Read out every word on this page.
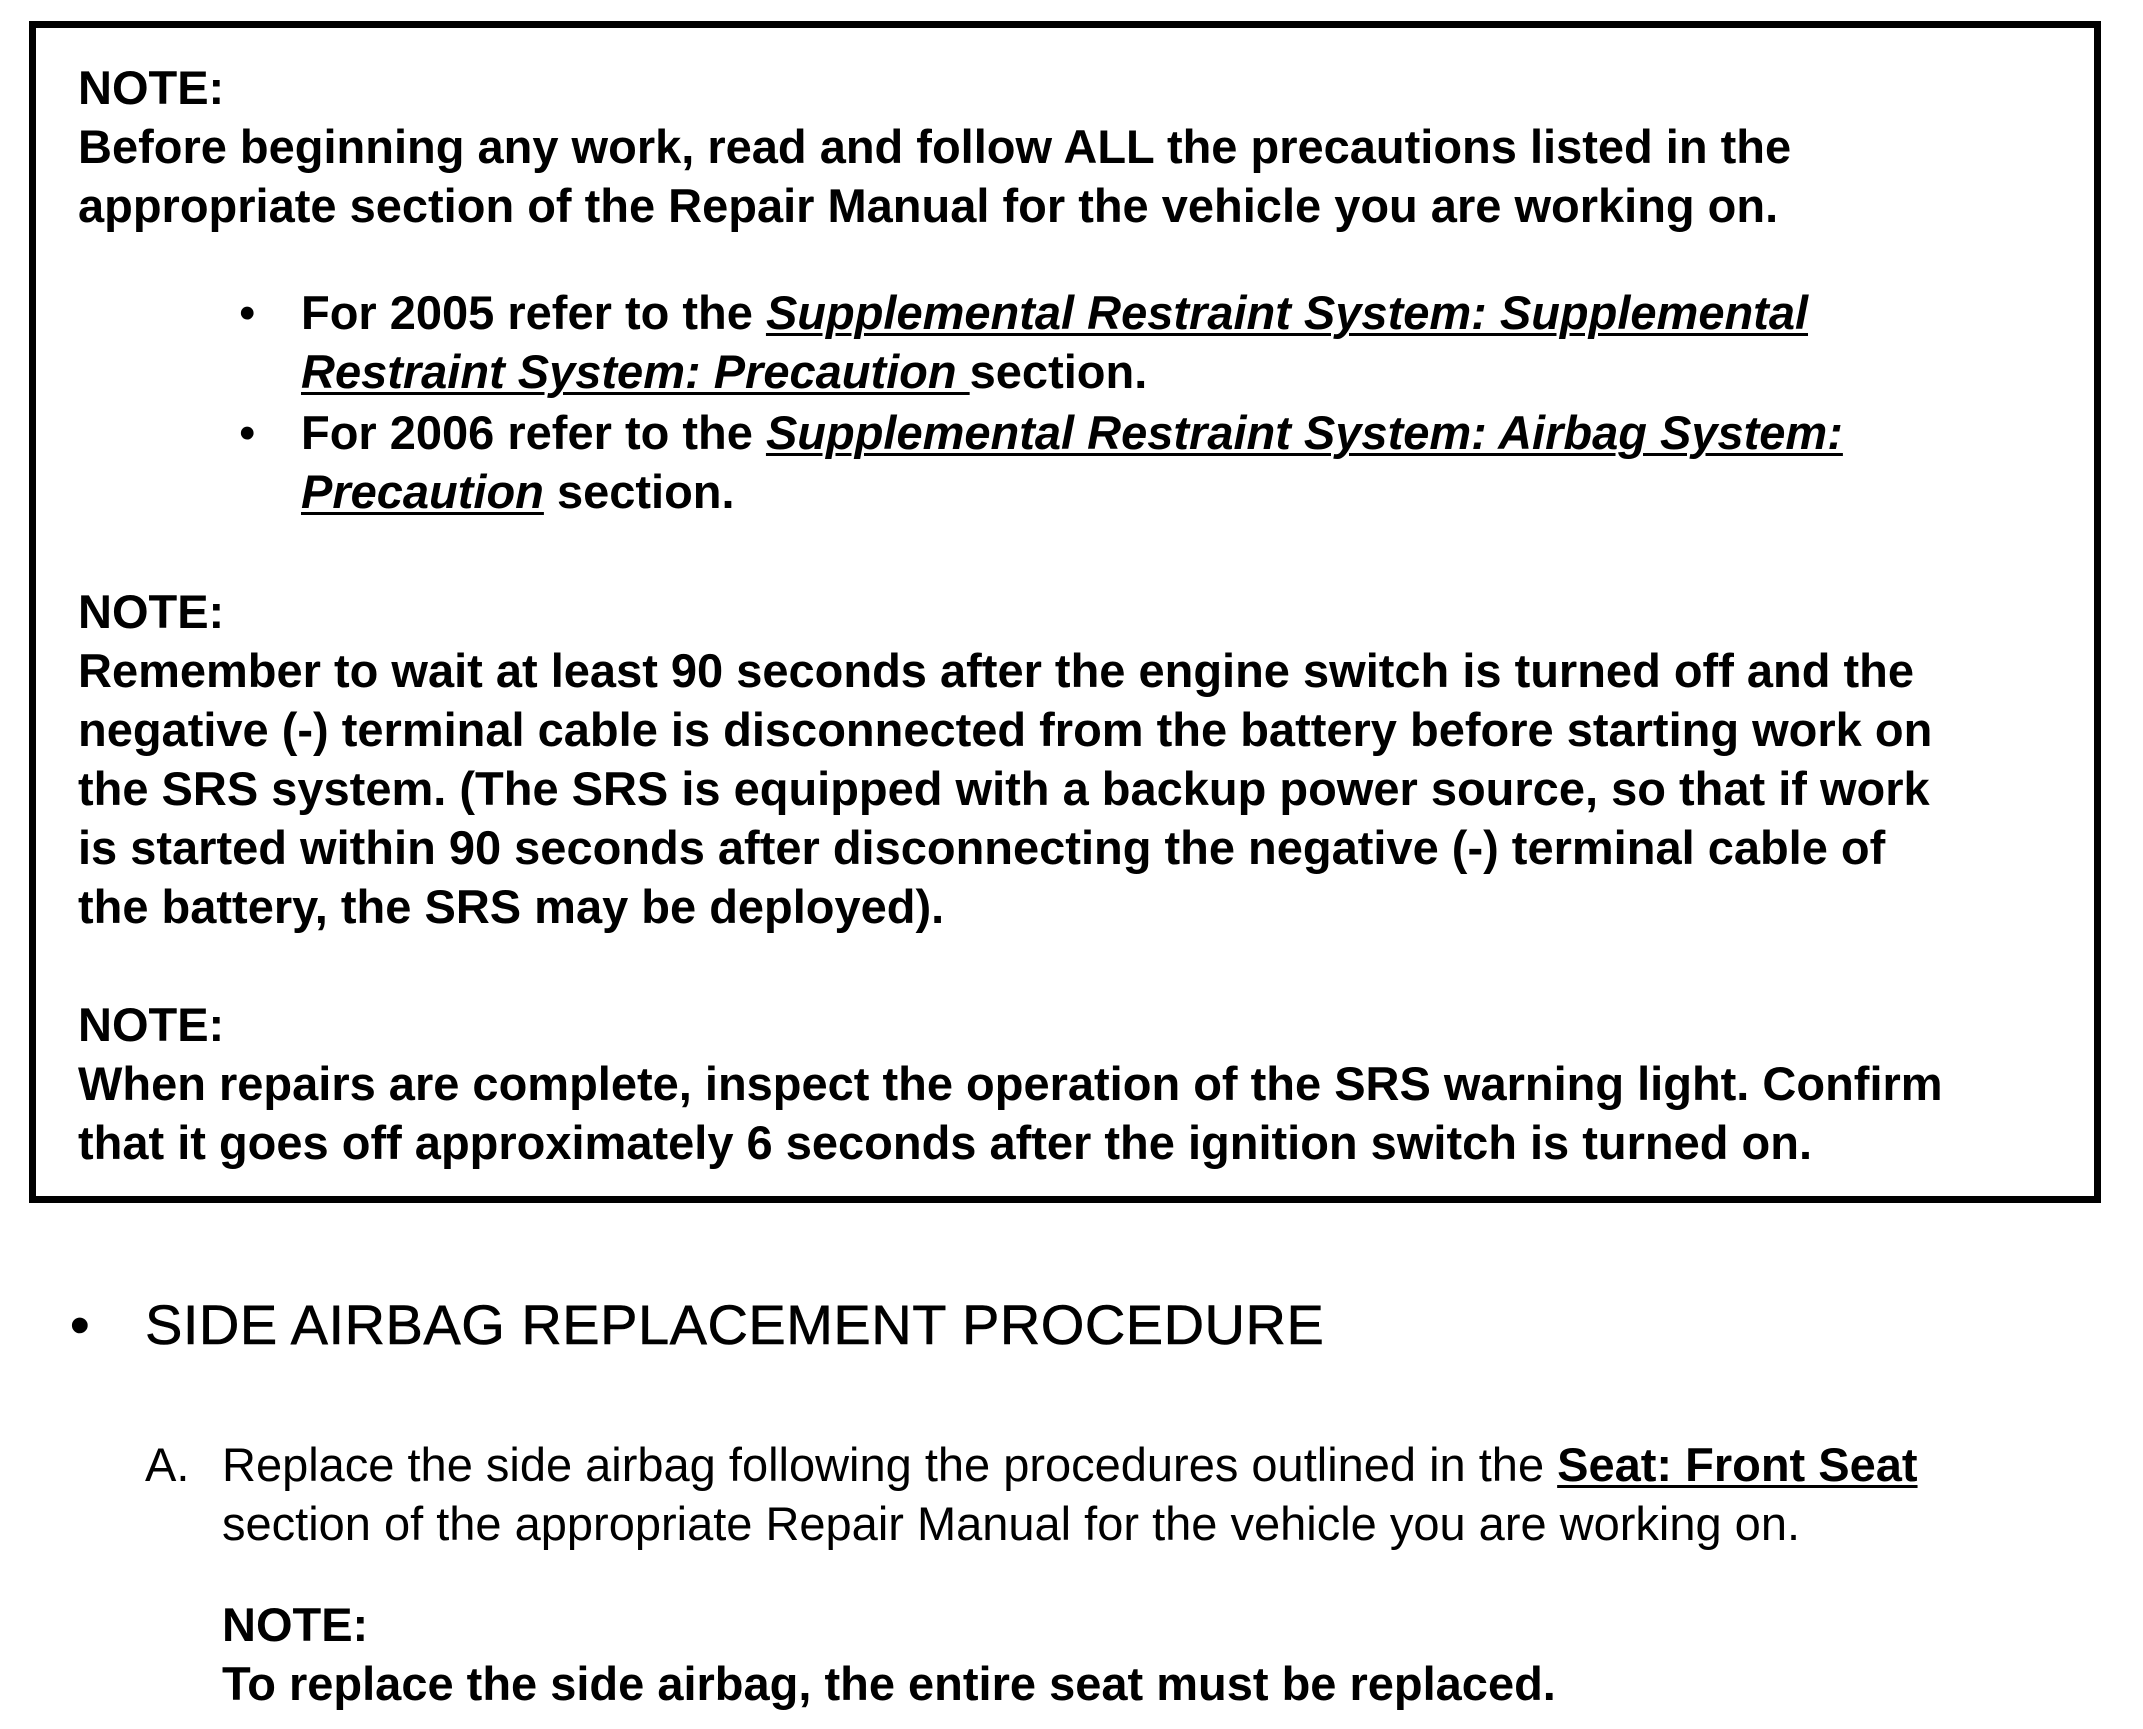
NOTE:

Before beginning any work, read and follow ALL the precautions listed in the

appropriate section of the Repair Manual for the vehicle you are working on.

• For 2005 refer to the Supplemental Restraint System: Supplemental
Restraint System: Precaution section.
• For 2006 refer to the Supplemental Restraint System: Airbag System:
Precaution section.

NOTE:

Remember to wait at least 90 seconds after the engine switch is turned off and the

negative (-) terminal cable is disconnected from the battery before starting work on

the SRS system. (The SRS is equipped with a backup power source, so that if work

is started within 90 seconds after disconnecting the negative (-) terminal cable of

the battery, the SRS may be deployed).

NOTE:

When repairs are complete, inspect the operation of the SRS warning light. Confirm

that it goes off approximately 6 seconds after the ignition switch is turned on.

• SIDE AIRBAG REPLACEMENT PROCEDURE
A. Replace the side airbag following the procedures outlined in the Seat: Front Seat
section of the appropriate Repair Manual for the vehicle you are working on.
NOTE:
To replace the side airbag, the entire seat must be replaced.
